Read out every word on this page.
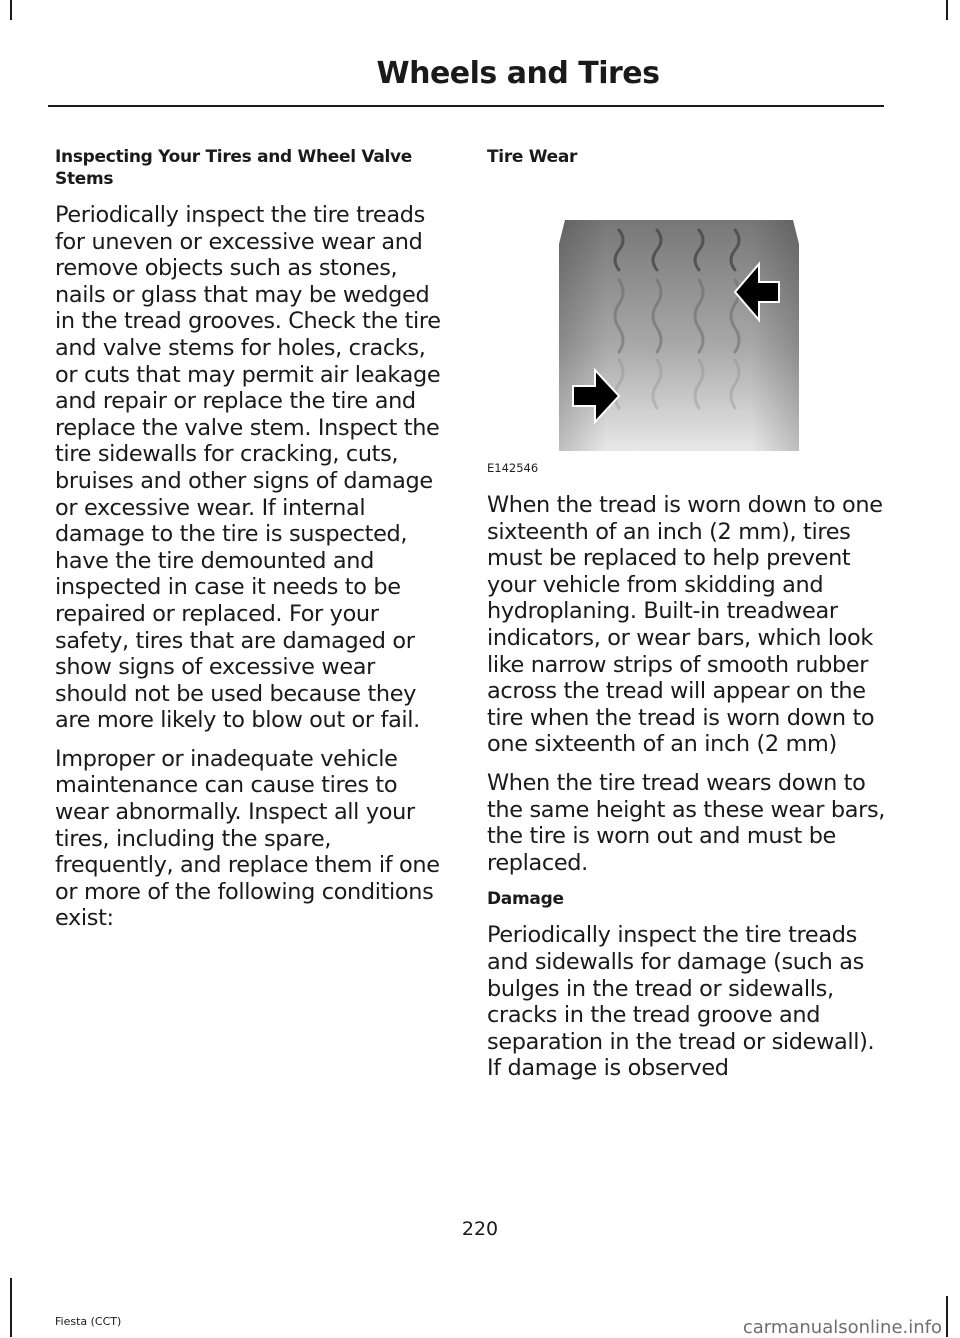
Wheels and Tires
Inspecting Your Tires and Wheel Valve Stems

Periodically inspect the tire treads for uneven or excessive wear and remove objects such as stones, nails or glass that may be wedged in the tread grooves. Check the tire and valve stems for holes, cracks, or cuts that may permit air leakage and repair or replace the tire and replace the valve stem. Inspect the tire sidewalls for cracking, cuts, bruises and other signs of damage or excessive wear. If internal damage to the tire is suspected, have the tire demounted and inspected in case it needs to be repaired or replaced. For your safety, tires that are damaged or show signs of excessive wear should not be used because they are more likely to blow out or fail.

Improper or inadequate vehicle maintenance can cause tires to wear abnormally. Inspect all your tires, including the spare, frequently, and replace them if one or more of the following conditions exist:

Tire Wear
E142546

When the tread is worn down to one sixteenth of an inch (2 mm), tires must be replaced to help prevent your vehicle from skidding and hydroplaning. Built-in treadwear indicators, or wear bars, which look like narrow strips of smooth rubber across the tread will appear on the tire when the tread is worn down to one sixteenth of an inch (2 mm)

When the tire tread wears down to the same height as these wear bars, the tire is worn out and must be replaced.

Damage

Periodically inspect the tire treads and sidewalls for damage (such as bulges in the tread or sidewalls, cracks in the tread groove and separation in the tread or sidewall). If damage is observed

220
Fiesta (CCT)	carmanualsonline.info
